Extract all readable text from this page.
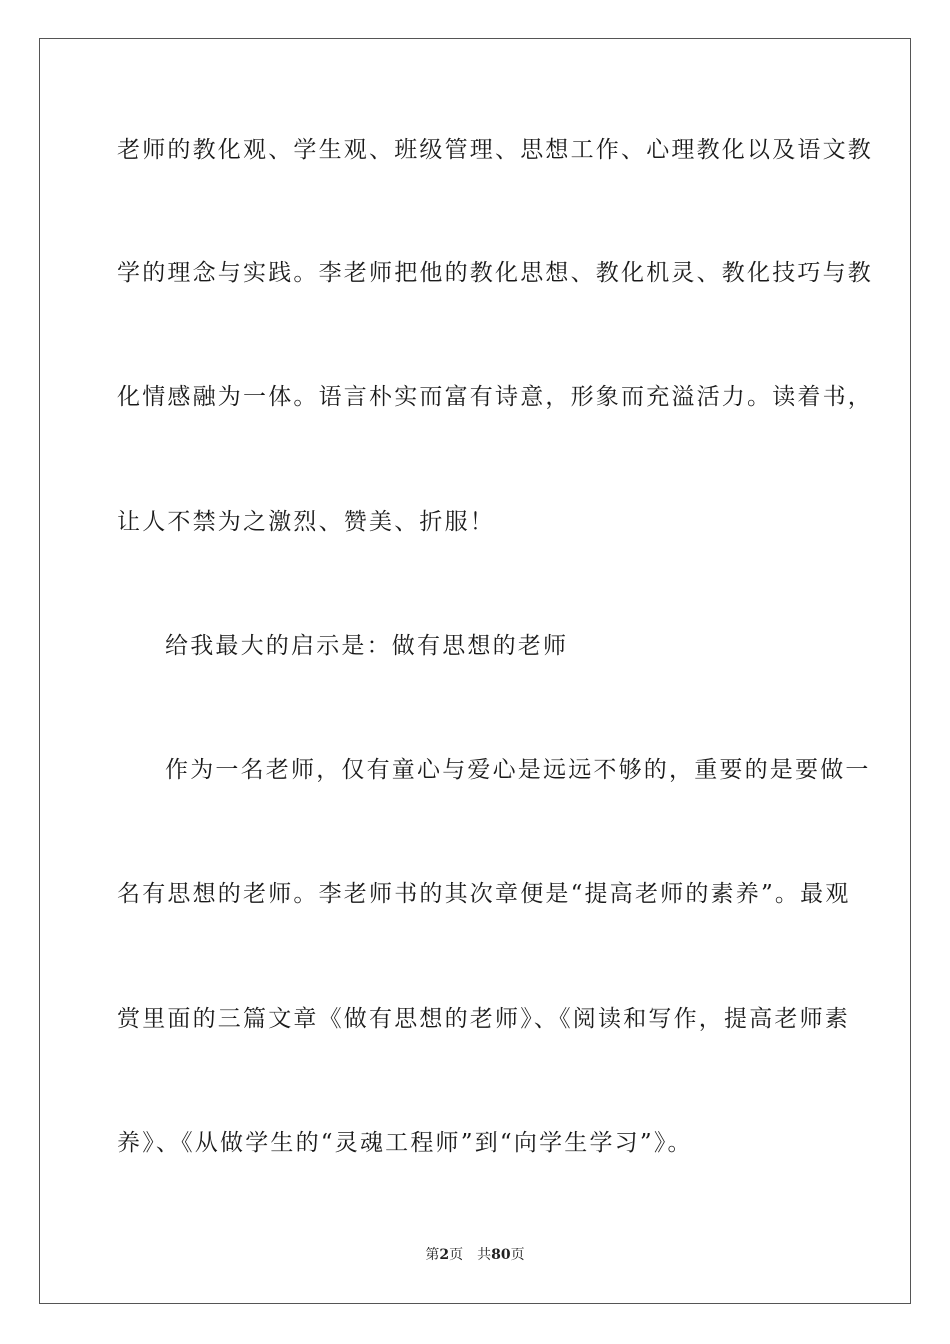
老师的教化观、学生观、班级管理、思想工作、心理教化以及语文教

学的理念与实践。李老师把他的教化思想、教化机灵、教化技巧与教

化情感融为一体。语言朴实而富有诗意，形象而充溢活力。读着书，

让人不禁为之激烈、赞美、折服！

给我最大的启示是：做有思想的老师

作为一名老师，仅有童心与爱心是远远不够的，重要的是要做一

名有思想的老师。李老师书的其次章便是“提高老师的素养”。最观

赏里面的三篇文章《做有思想的老师》、《阅读和写作，提高老师素

养》、《从做学生的“灵魂工程师”到“向学生学习”》。

第2页 共80页
